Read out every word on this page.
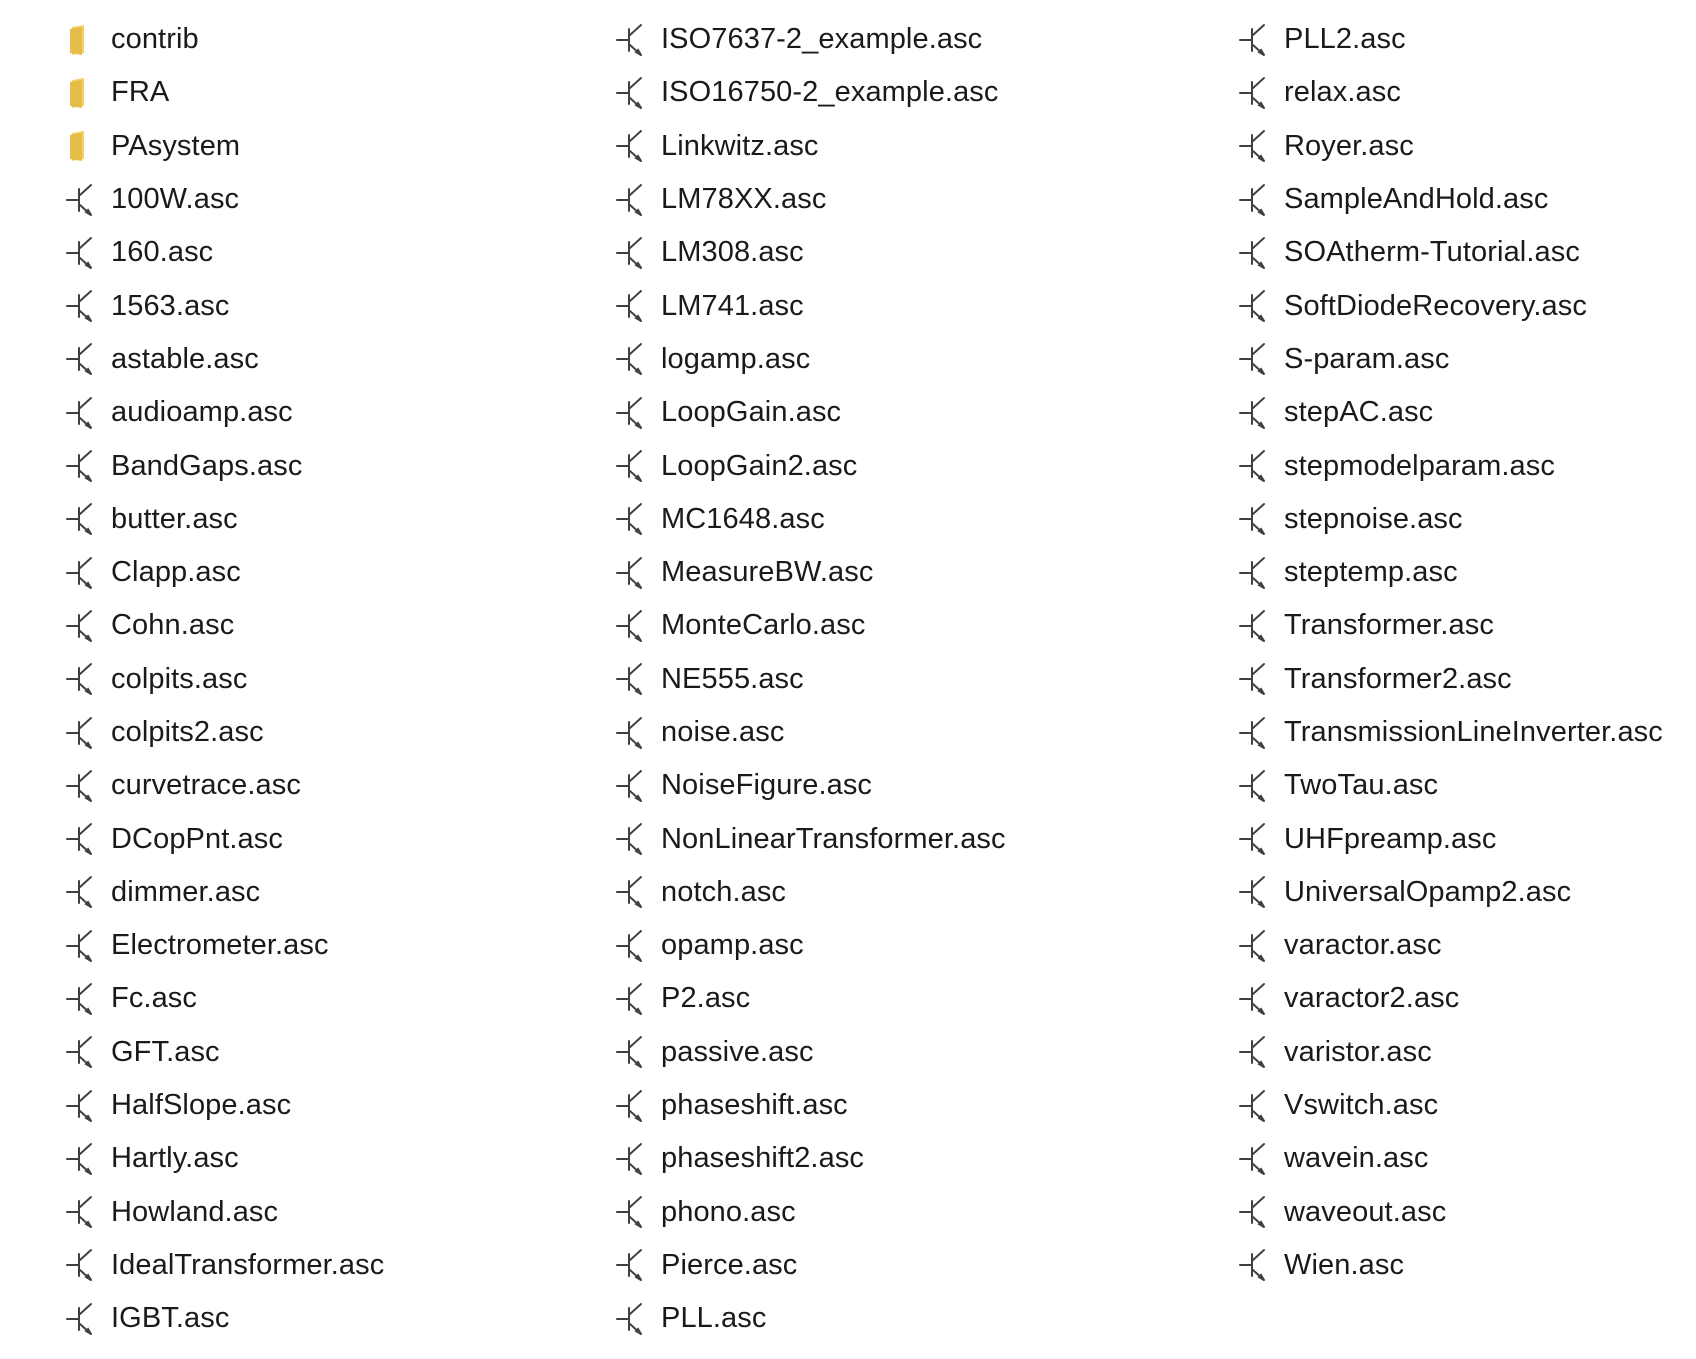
contrib
FRA
PAsystem
100W.asc
160.asc
1563.asc
astable.asc
audioamp.asc
BandGaps.asc
butter.asc
Clapp.asc
Cohn.asc
colpits.asc
colpits2.asc
curvetrace.asc
DCopPnt.asc
dimmer.asc
Electrometer.asc
Fc.asc
GFT.asc
HalfSlope.asc
Hartly.asc
Howland.asc
IdealTransformer.asc
IGBT.asc
ISO7637-2_example.asc
ISO16750-2_example.asc
Linkwitz.asc
LM78XX.asc
LM308.asc
LM741.asc
logamp.asc
LoopGain.asc
LoopGain2.asc
MC1648.asc
MeasureBW.asc
MonteCarlo.asc
NE555.asc
noise.asc
NoiseFigure.asc
NonLinearTransformer.asc
notch.asc
opamp.asc
P2.asc
passive.asc
phaseshift.asc
phaseshift2.asc
phono.asc
Pierce.asc
PLL.asc
PLL2.asc
relax.asc
Royer.asc
SampleAndHold.asc
SOAtherm-Tutorial.asc
SoftDiodeRecovery.asc
S-param.asc
stepAC.asc
stepmodelparam.asc
stepnoise.asc
steptemp.asc
Transformer.asc
Transformer2.asc
TransmissionLineInverter.asc
TwoTau.asc
UHFpreamp.asc
UniversalOpamp2.asc
varactor.asc
varactor2.asc
varistor.asc
Vswitch.asc
wavein.asc
waveout.asc
Wien.asc
